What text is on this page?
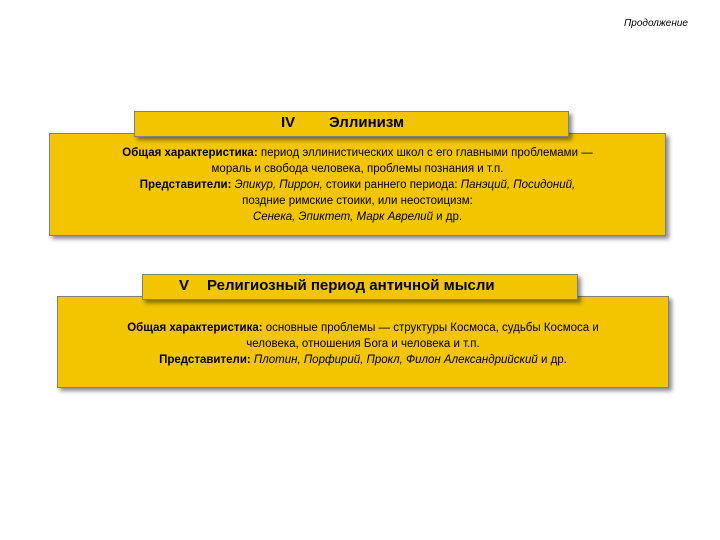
Продолжение

Общая характеристика: период эллинистических школ с его главными проблемами —
мораль и свобода человека, проблемы познания и т.п.

Представители: Эпикур, Пиррон, стоики раннего периода: Панэций, Посидоний,
поздние римские стоики, или неостоицизм:
Сенека, Эпиктет, Марк Аврелий и др.

IV Эллинизм

Общая характеристика: основные проблемы — структуры Космоса, судьбы Космоса и
человека, отношения Бога и человека и т.п.

Представители: Плотин, Порфирий, Прокл, Филон Александрийский и др.

V Религиозный период античной мысли
